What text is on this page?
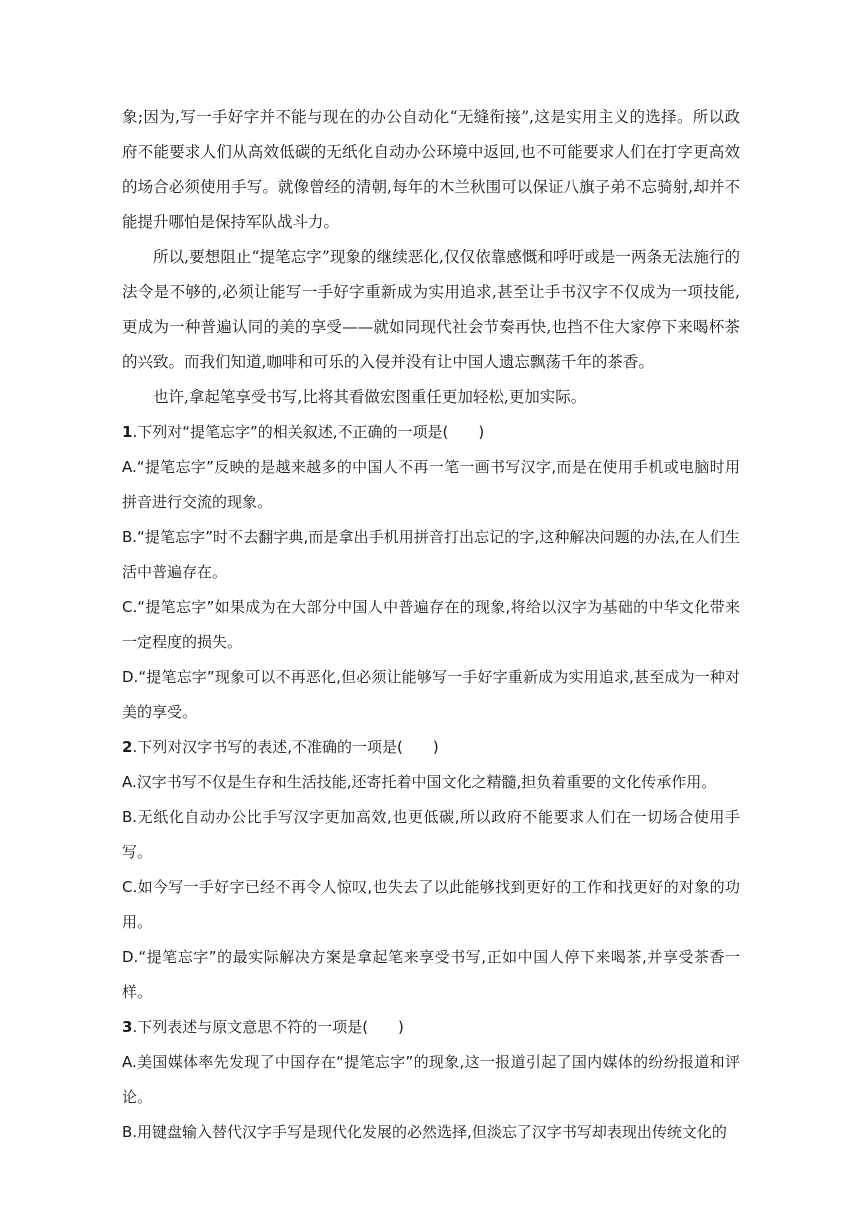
象;因为,写一手好字并不能与现在的办公自动化“无缝衔接”,这是实用主义的选择。所以政府不能要求人们从高效低碳的无纸化自动办公环境中返回,也不可能要求人们在打字更高效的场合必须使用手写。就像曾经的清朝,每年的木兰秋围可以保证八旗子弟不忘骑射,却并不能提升哪怕是保持军队战斗力。

所以,要想阻止“提笔忘字”现象的继续恶化,仅仅依靠感慨和呼吁或是一两条无法施行的法令是不够的,必须让能写一手好字重新成为实用追求,甚至让手书汉字不仅成为一项技能,更成为一种普遍认同的美的享受——就如同现代社会节奏再快,也挡不住大家停下来喝杯茶的兴致。而我们知道,咖啡和可乐的入侵并没有让中国人遗忘飘荡千年的茶香。

也许,拿起笔享受书写,比将其看做宏图重任更加轻松,更加实际。

1.下列对“提笔忘字”的相关叙述,不正确的一项是(　　)

A.“提笔忘字”反映的是越来越多的中国人不再一笔一画书写汉字,而是在使用手机或电脑时用拼音进行交流的现象。

B.“提笔忘字”时不去翻字典,而是拿出手机用拼音打出忘记的字,这种解决问题的办法,在人们生活中普遍存在。

C.“提笔忘字”如果成为在大部分中国人中普遍存在的现象,将给以汉字为基础的中华文化带来一定程度的损失。

D.“提笔忘字”现象可以不再恶化,但必须让能够写一手好字重新成为实用追求,甚至成为一种对美的享受。

2.下列对汉字书写的表述,不准确的一项是(　　)

A.汉字书写不仅是生存和生活技能,还寄托着中国文化之精髓,担负着重要的文化传承作用。

B.无纸化自动办公比手写汉字更加高效,也更低碳,所以政府不能要求人们在一切场合使用手写。

C.如今写一手好字已经不再令人惊叹,也失去了以此能够找到更好的工作和找更好的对象的功用。

D.“提笔忘字”的最实际解决方案是拿起笔来享受书写,正如中国人停下来喝茶,并享受茶香一样。

3.下列表述与原文意思不符的一项是(　　)

A.美国媒体率先发现了中国存在“提笔忘字”的现象,这一报道引起了国内媒体的纷纷报道和评论。

B.用键盘输入替代汉字手写是现代化发展的必然选择,但淡忘了汉字书写却表现出传统文化的
